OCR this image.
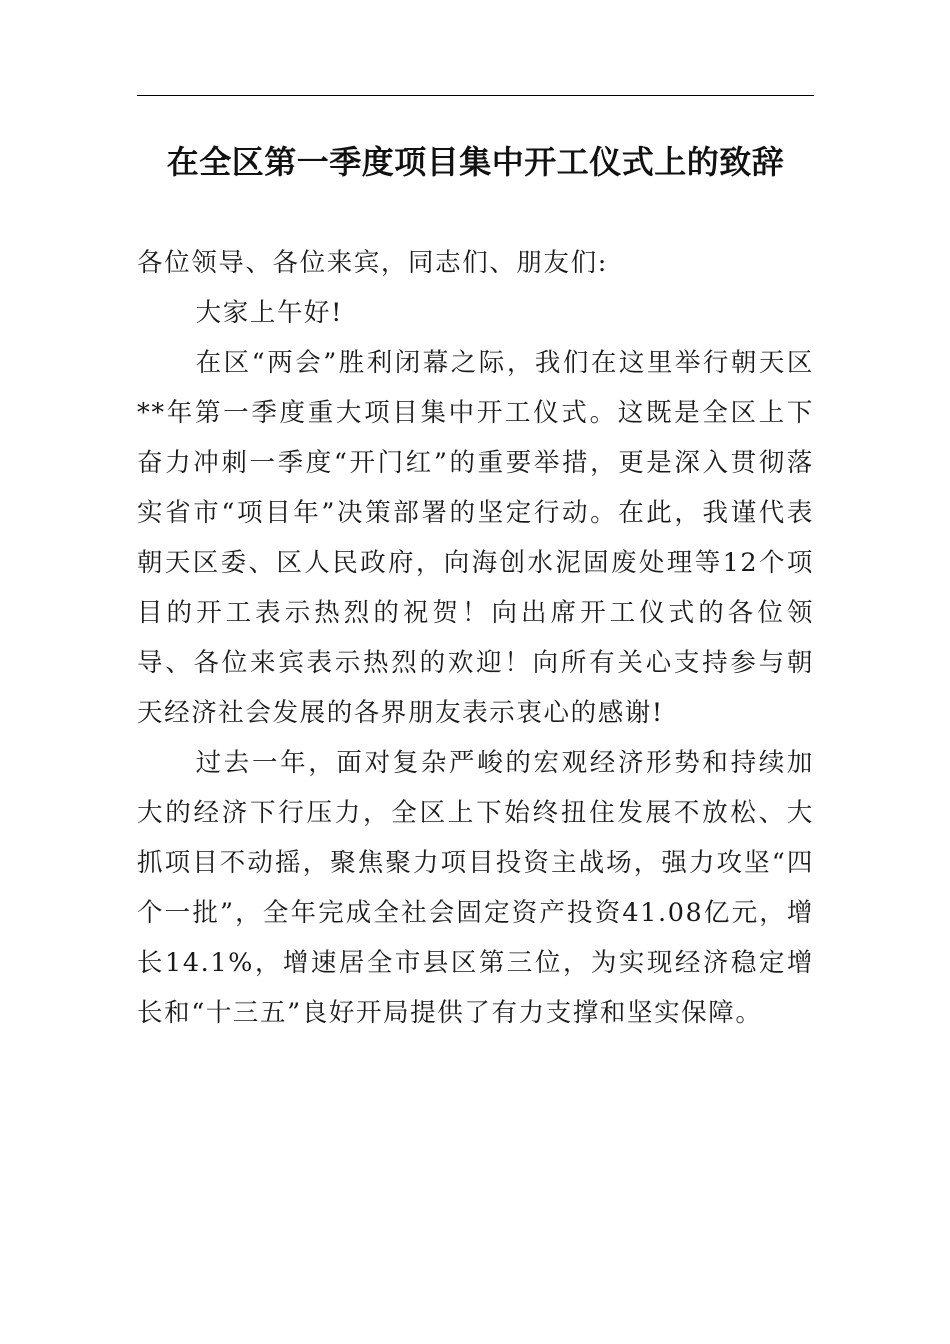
在全区第一季度项目集中开工仪式上的致辞

各位领导、各位来宾，同志们、朋友们:

大家上午好!

在区“两会”胜利闭幕之际，我们在这里举行朝天区**年第一季度重大项目集中开工仪式。这既是全区上下奋力冲刺一季度“开门红”的重要举措，更是深入贯彻落实省市“项目年”决策部署的坚定行动。在此，我谨代表朝天区委、区人民政府，向海创水泥固废处理等12个项目的开工表示热烈的祝贺！向出席开工仪式的各位领导、各位来宾表示热烈的欢迎！向所有关心支持参与朝天经济社会发展的各界朋友表示衷心的感谢!

过去一年，面对复杂严峻的宏观经济形势和持续加大的经济下行压力，全区上下始终扭住发展不放松、大抓项目不动摇，聚焦聚力项目投资主战场，强力攻坚“四个一批”，全年完成全社会固定资产投资41.08亿元，增长14.1%，增速居全市县区第三位，为实现经济稳定增长和“十三五”良好开局提供了有力支撑和坚实保障。
